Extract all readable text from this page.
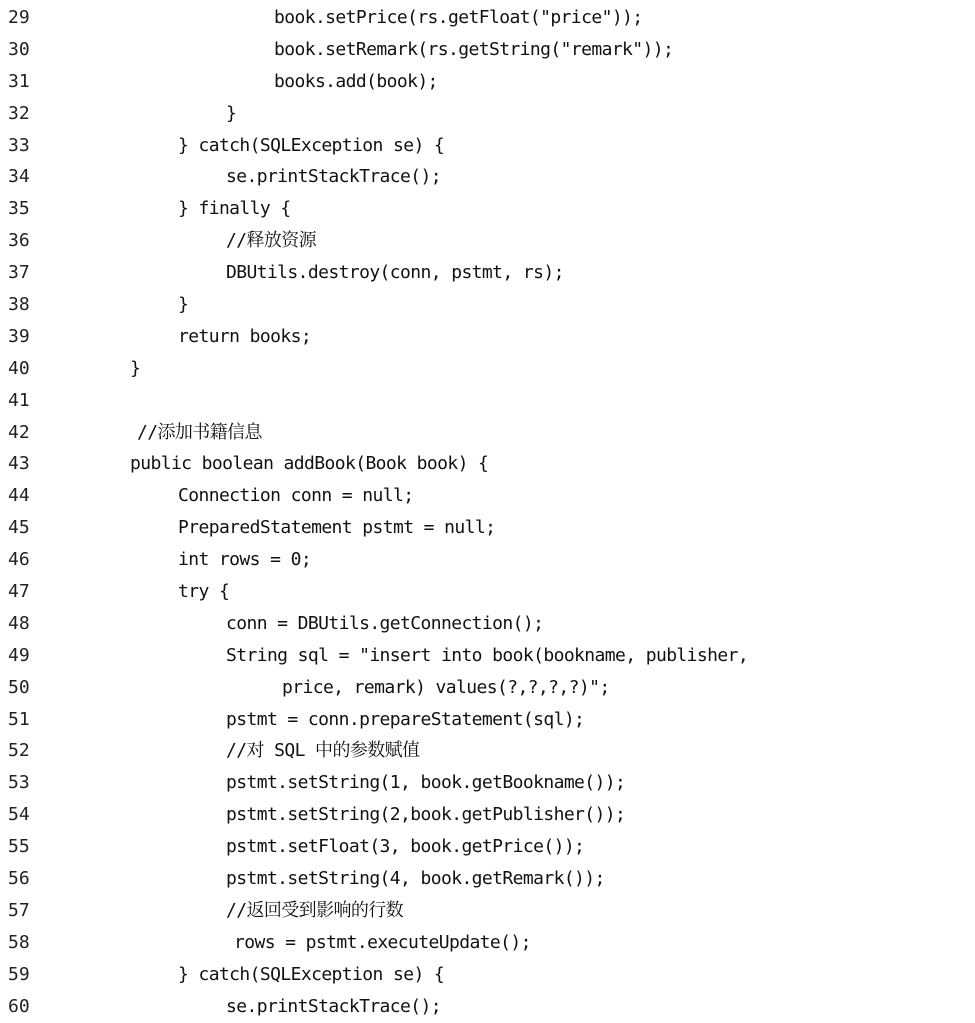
29	book.setPrice(rs.getFloat("price"));
30	book.setRemark(rs.getString("remark"));
31	books.add(book);
32	}
33	} catch(SQLException se) {
34	se.printStackTrace();
35	} finally {
36	//释放资源
37	DBUtils.destroy(conn, pstmt, rs);
38	}
39	return books;
40	}
41
42	//添加书籍信息
43	public boolean addBook(Book book) {
44	Connection conn = null;
45	PreparedStatement pstmt = null;
46	int rows = 0;
47	try {
48	conn = DBUtils.getConnection();
49	String sql = "insert into book(bookname, publisher,
50	price, remark) values(?,?,?,?)";
51	pstmt = conn.prepareStatement(sql);
52	//对 SQL 中的参数赋值
53	pstmt.setString(1, book.getBookname());
54	pstmt.setString(2,book.getPublisher());
55	pstmt.setFloat(3, book.getPrice());
56	pstmt.setString(4, book.getRemark());
57	//返回受到影响的行数
58	rows = pstmt.executeUpdate();
59	} catch(SQLException se) {
60	se.printStackTrace();
